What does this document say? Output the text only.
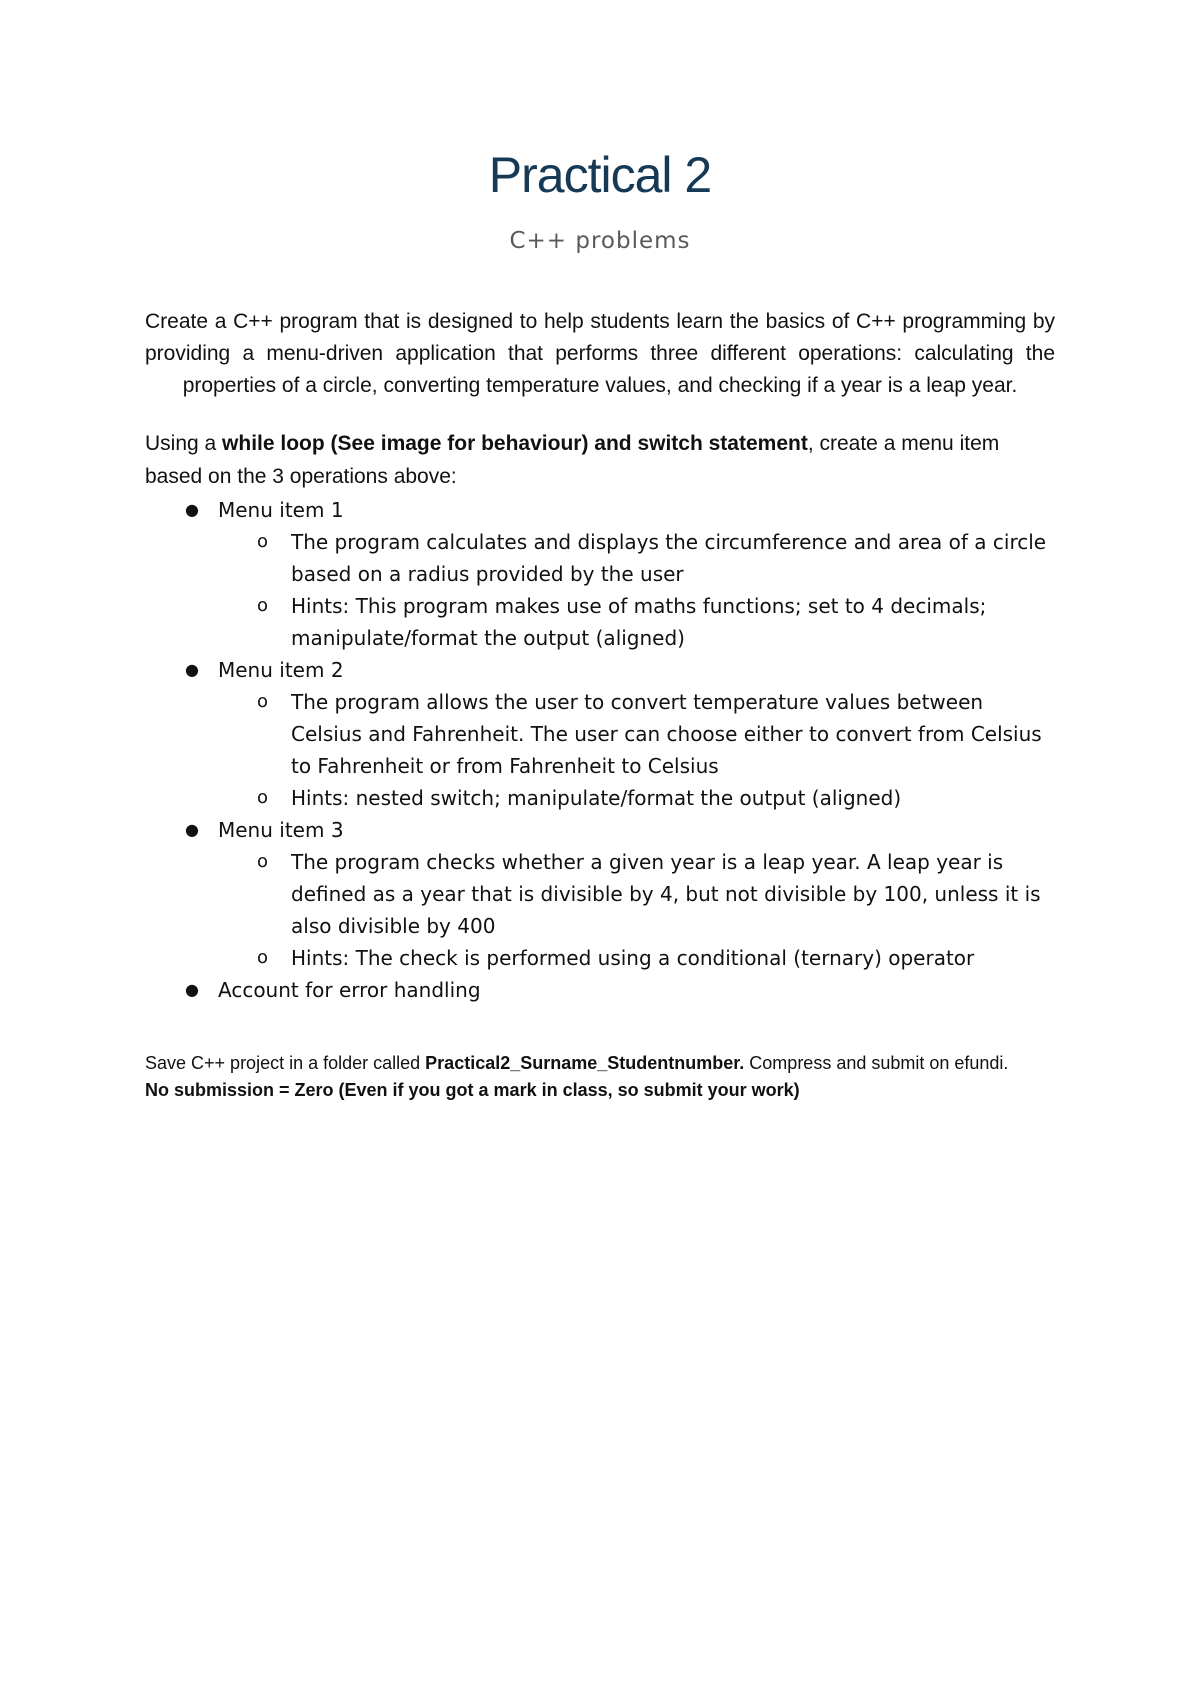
Practical 2
C++ problems

Create a C++ program that is designed to help students learn the basics of C++ programming by providing a menu-driven application that performs three different operations: calculating the properties of a circle, converting temperature values, and checking if a year is a leap year.

Using a while loop (See image for behaviour) and switch statement, create a menu item based on the 3 operations above:

● Menu item 1
o The program calculates and displays the circumference and area of a circle based on a radius provided by the user
o Hints: This program makes use of maths functions; set to 4 decimals; manipulate/format the output (aligned)
● Menu item 2
o The program allows the user to convert temperature values between Celsius and Fahrenheit. The user can choose either to convert from Celsius to Fahrenheit or from Fahrenheit to Celsius
o Hints: nested switch; manipulate/format the output (aligned)
● Menu item 3
o The program checks whether a given year is a leap year. A leap year is defined as a year that is divisible by 4, but not divisible by 100, unless it is also divisible by 400
o Hints: The check is performed using a conditional (ternary) operator
● Account for error handling
Save C++ project in a folder called Practical2_Surname_Studentnumber. Compress and submit on efundi.
No submission = Zero (Even if you got a mark in class, so submit your work)
